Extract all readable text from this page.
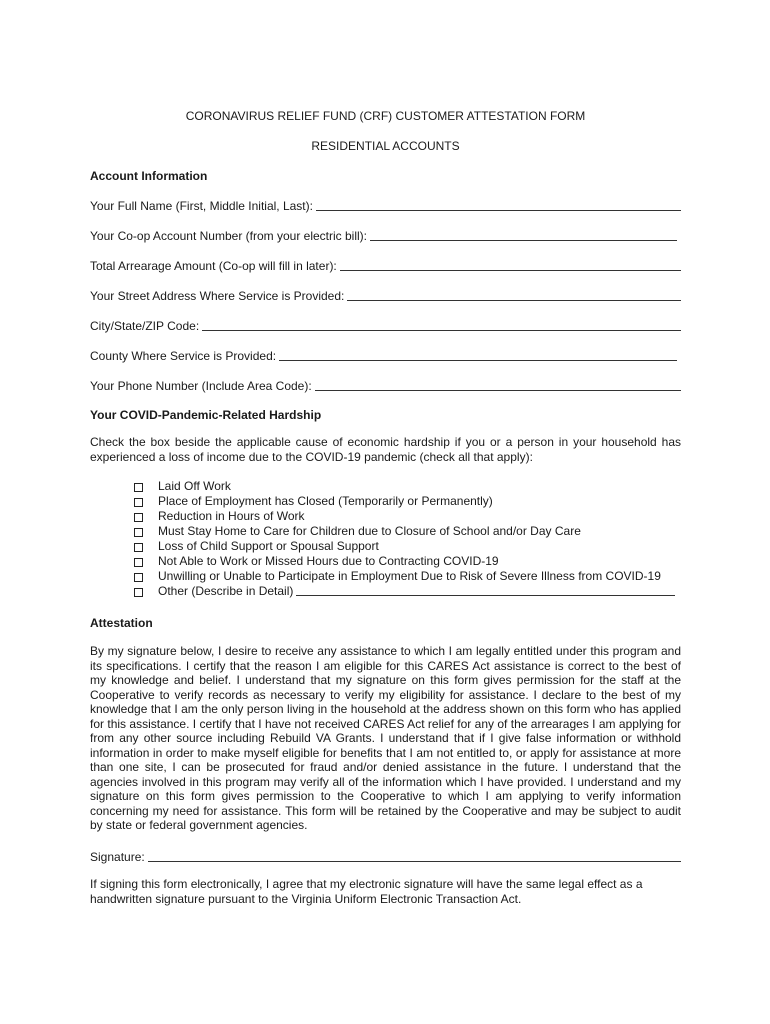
CORONAVIRUS RELIEF FUND (CRF) CUSTOMER ATTESTATION FORM

RESIDENTIAL ACCOUNTS

Account Information

Your Full Name (First, Middle Initial, Last):
Your Co-op Account Number (from your electric bill):
Total Arrearage Amount (Co-op will fill in later):
Your Street Address Where Service is Provided:
City/State/ZIP Code:
County Where Service is Provided:
Your Phone Number (Include Area Code):

Your COVID-Pandemic-Related Hardship

Check the box beside the applicable cause of economic hardship if you or a person in your household has experienced a loss of income due to the COVID-19 pandemic (check all that apply):

Laid Off Work
Place of Employment has Closed (Temporarily or Permanently)
Reduction in Hours of Work
Must Stay Home to Care for Children due to Closure of School and/or Day Care
Loss of Child Support or Spousal Support
Not Able to Work or Missed Hours due to Contracting COVID-19
Unwilling or Unable to Participate in Employment Due to Risk of Severe Illness from COVID-19
Other (Describe in Detail)

Attestation

By my signature below, I desire to receive any assistance to which I am legally entitled under this program and its specifications. I certify that the reason I am eligible for this CARES Act assistance is correct to the best of my knowledge and belief. I understand that my signature on this form gives permission for the staff at the Cooperative to verify records as necessary to verify my eligibility for assistance. I declare to the best of my knowledge that I am the only person living in the household at the address shown on this form who has applied for this assistance. I certify that I have not received CARES Act relief for any of the arrearages I am applying for from any other source including Rebuild VA Grants. I understand that if I give false information or withhold information in order to make myself eligible for benefits that I am not entitled to, or apply for assistance at more than one site, I can be prosecuted for fraud and/or denied assistance in the future. I understand that the agencies involved in this program may verify all of the information which I have provided. I understand and my signature on this form gives permission to the Cooperative to which I am applying to verify information concerning my need for assistance. This form will be retained by the Cooperative and may be subject to audit by state or federal government agencies.

Signature:

If signing this form electronically, I agree that my electronic signature will have the same legal effect as a handwritten signature pursuant to the Virginia Uniform Electronic Transaction Act.
